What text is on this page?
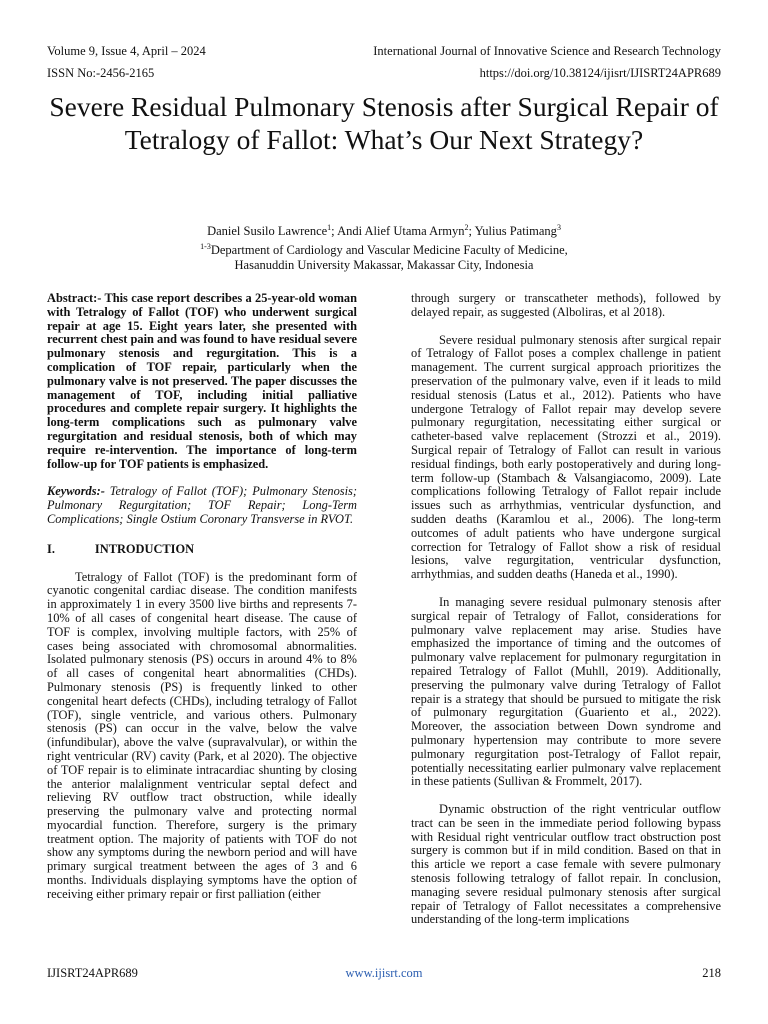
Volume 9, Issue 4, April – 2024	International Journal of Innovative Science and Research Technology
ISSN No:-2456-2165	https://doi.org/10.38124/ijisrt/IJISRT24APR689
Severe Residual Pulmonary Stenosis after Surgical Repair of Tetralogy of Fallot: What’s Our Next Strategy?
Daniel Susilo Lawrence$^1$; Andi Alief Utama Armyn$^2$; Yulius Patimang$^3$
$^{1-3}$Department of Cardiology and Vascular Medicine Faculty of Medicine,
Hasanuddin University Makassar, Makassar City, Indonesia

Abstract:- This case report describes a 25-year-old woman with Tetralogy of Fallot (TOF) who underwent surgical repair at age 15. Eight years later, she presented with recurrent chest pain and was found to have residual severe pulmonary stenosis and regurgitation. This is a complication of TOF repair, particularly when the pulmonary valve is not preserved. The paper discusses the management of TOF, including initial palliative procedures and complete repair surgery. It highlights the long-term complications such as pulmonary valve regurgitation and residual stenosis, both of which may require re-intervention. The importance of long-term follow-up for TOF patients is emphasized.

Keywords:- Tetralogy of Fallot (TOF); Pulmonary Stenosis; Pulmonary Regurgitation; TOF Repair; Long-Term Complications; Single Ostium Coronary Transverse in RVOT.

I.	INTRODUCTION

Tetralogy of Fallot (TOF) is the predominant form of cyanotic congenital cardiac disease. The condition manifests in approximately 1 in every 3500 live births and represents 7-10% of all cases of congenital heart disease. The cause of TOF is complex, involving multiple factors, with 25% of cases being associated with chromosomal abnormalities. Isolated pulmonary stenosis (PS) occurs in around 4% to 8% of all cases of congenital heart abnormalities (CHDs). Pulmonary stenosis (PS) is frequently linked to other congenital heart defects (CHDs), including tetralogy of Fallot (TOF), single ventricle, and various others. Pulmonary stenosis (PS) can occur in the valve, below the valve (infundibular), above the valve (supravalvular), or within the right ventricular (RV) cavity (Park, et al 2020). The objective of TOF repair is to eliminate intracardiac shunting by closing the anterior malalignment ventricular septal defect and relieving RV outflow tract obstruction, while ideally preserving the pulmonary valve and protecting normal myocardial function. Therefore, surgery is the primary treatment option. The majority of patients with TOF do not show any symptoms during the newborn period and will have primary surgical treatment between the ages of 3 and 6 months. Individuals displaying symptoms have the option of receiving either primary repair or first palliation (either

through surgery or transcatheter methods), followed by delayed repair, as suggested (Alboliras, et al 2018).

Severe residual pulmonary stenosis after surgical repair of Tetralogy of Fallot poses a complex challenge in patient management. The current surgical approach prioritizes the preservation of the pulmonary valve, even if it leads to mild residual stenosis (Latus et al., 2012). Patients who have undergone Tetralogy of Fallot repair may develop severe pulmonary regurgitation, necessitating either surgical or catheter-based valve replacement (Strozzi et al., 2019). Surgical repair of Tetralogy of Fallot can result in various residual findings, both early postoperatively and during long-term follow-up (Stambach & Valsangiacomo, 2009). Late complications following Tetralogy of Fallot repair include issues such as arrhythmias, ventricular dysfunction, and sudden deaths (Karamlou et al., 2006). The long-term outcomes of adult patients who have undergone surgical correction for Tetralogy of Fallot show a risk of residual lesions, valve regurgitation, ventricular dysfunction, arrhythmias, and sudden deaths (Haneda et al., 1990).

In managing severe residual pulmonary stenosis after surgical repair of Tetralogy of Fallot, considerations for pulmonary valve replacement may arise. Studies have emphasized the importance of timing and the outcomes of pulmonary valve replacement for pulmonary regurgitation in repaired Tetralogy of Fallot (Muhll, 2019). Additionally, preserving the pulmonary valve during Tetralogy of Fallot repair is a strategy that should be pursued to mitigate the risk of pulmonary regurgitation (Guariento et al., 2022). Moreover, the association between Down syndrome and pulmonary hypertension may contribute to more severe pulmonary regurgitation post-Tetralogy of Fallot repair, potentially necessitating earlier pulmonary valve replacement in these patients (Sullivan & Frommelt, 2017).

Dynamic obstruction of the right ventricular outflow tract can be seen in the immediate period following bypass with Residual right ventricular outflow tract obstruction post surgery is common but if in mild condition. Based on that in this article we report a case female with severe pulmonary stenosis following tetralogy of fallot repair. In conclusion, managing severe residual pulmonary stenosis after surgical repair of Tetralogy of Fallot necessitates a comprehensive understanding of the long-term implications

IJISRT24APR689	www.ijisrt.com	218
